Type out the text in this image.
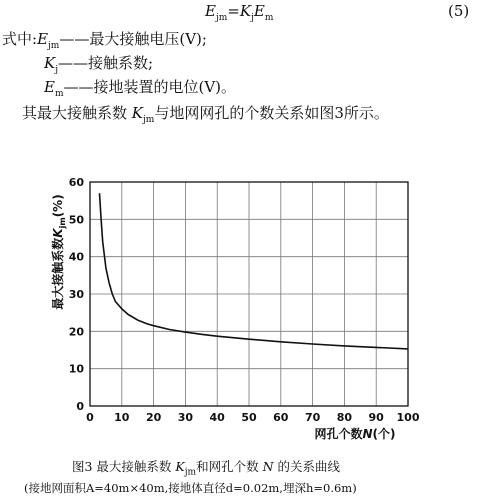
$E_{jm}=K_jE_m$	(5)
式中$:E_{jm}——$最大接触电压(V);
$K_j——$接触系数;
$E_m——$接地装置的电位(V)。
其最大接触系数 $K_{jm}$与地网网孔的个数关系如图3所示。
0 10 20 30 40 50 60 70 80 90 100
0
10
20
30
40
50
60
网孔个数N(个)
最大接触系数$K_{jm}(\%)$
图3 最大接触系数 $K_{jm}$和网孔个数 N 的关系曲线
(接地网面积A=40m×40m,接地体直径d=0.02m,埋深h=0.6m)
